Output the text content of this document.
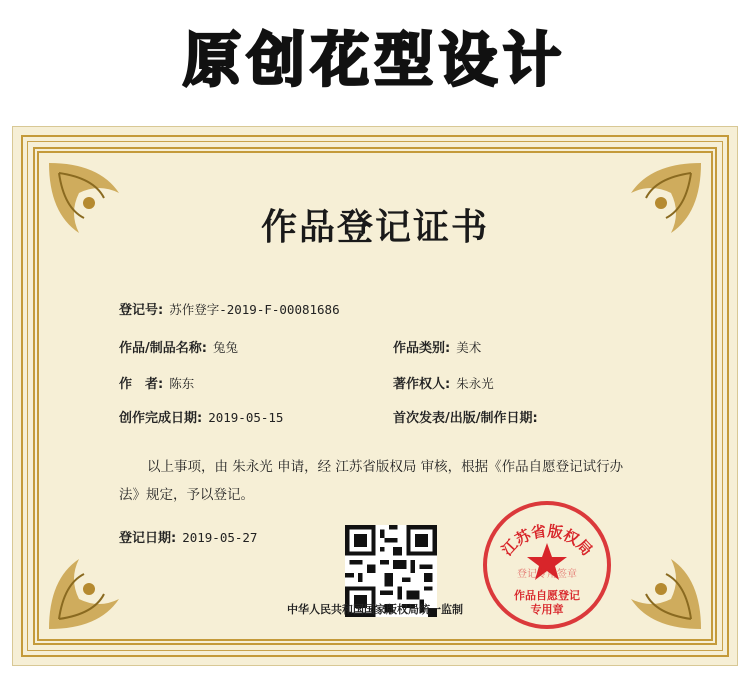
原创花型设计
作品登记证书
登记号: 苏作登字-2019-F-00081686
作品/制品名称: 兔兔	作品类别: 美术
作　者: 陈东	著作权人: 朱永光
创作完成日期: 2019-05-15	首次发表/出版/制作日期:
以上事项，由 朱永光 申请，经 江苏省版权局 审核，根据《作品自愿登记试行办法》规定，予以登记。
登记日期: 2019-05-27	江苏省版权局
登记专用签章
作品自愿登记
专用章
中华人民共和国国家版权局统一监制
